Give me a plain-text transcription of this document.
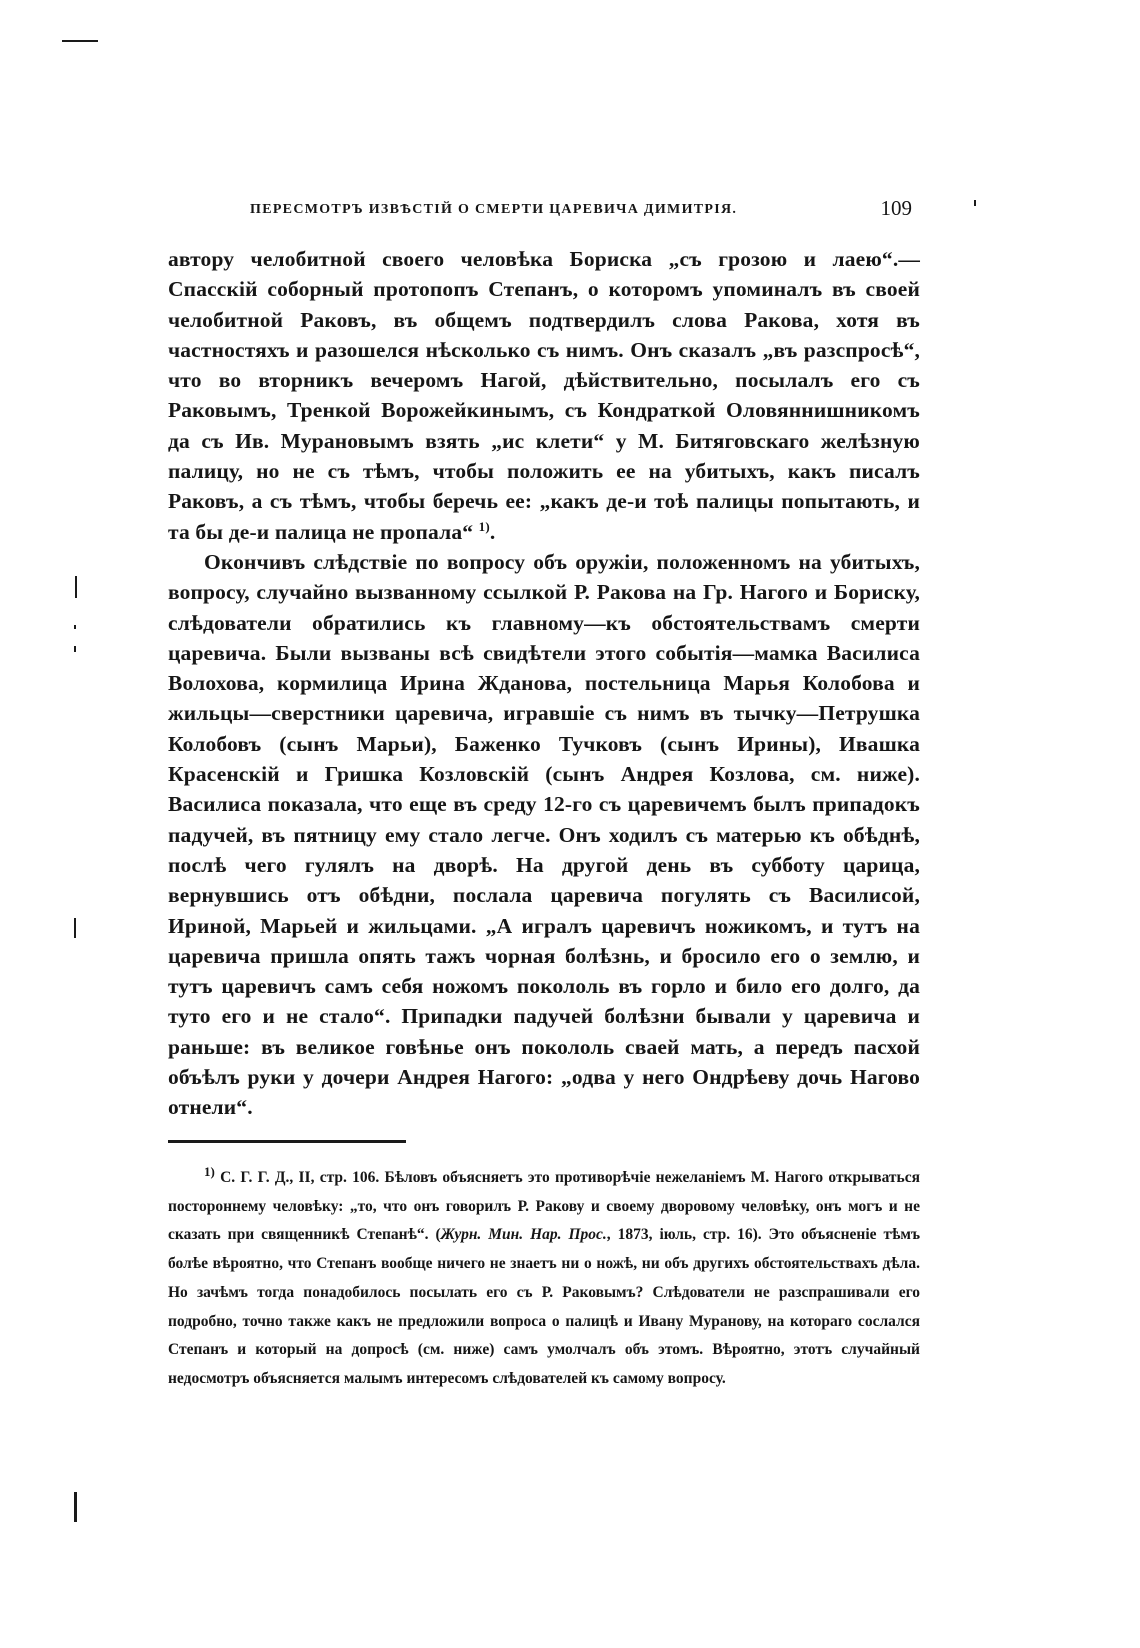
ПЕРЕСМОТРЪ ИЗВѢСТІЙ О СМЕРТИ ЦАРЕВИЧА ДИМИТРІЯ.	109

автору челобитной своего человѣка Бориска „съ грозою и лаею“.— Спасскій соборный протопопъ Степанъ, о которомъ упоминалъ въ своей челобитной Раковъ, въ общемъ подтвердилъ слова Ракова, хотя въ частностяхъ и разошелся нѣсколько съ нимъ. Онъ сказалъ „въ разспросѣ“, что во вторникъ вечеромъ Нагой, дѣйствительно, посылалъ его съ Раковымъ, Тренкой Ворожейкинымъ, съ Кондраткой Оловяннишникомъ да съ Ив. Мурановымъ взять „ис клети“ у М. Битяговскаго желѣзную палицу, но не съ тѣмъ, чтобы положить ее на убитыхъ, какъ писалъ Раковъ, а съ тѣмъ, чтобы беречь ее: „какъ де-и тоѣ палицы попытають, и та бы де-и палица не пропала“ $^{1)}$.

Окончивъ слѣдствіе по вопросу объ оружіи, положенномъ на убитыхъ, вопросу, случайно вызванному ссылкой Р. Ракова на Гр. Нагого и Бориску, слѣдователи обратились къ главному—къ обстоятельствамъ смерти царевича. Были вызваны всѣ свидѣтели этого событія—мамка Василиса Волохова, кормилица Ирина Жданова, постельница Марья Колобова и жильцы—сверстники царевича, игравшіе съ нимъ въ тычку—Петрушка Колобовъ (сынъ Марьи), Баженко Тучковъ (сынъ Ирины), Ивашка Красенскій и Гришка Козловскій (сынъ Андрея Козлова, см. ниже). Василиса показала, что еще въ среду 12-го съ царевичемъ былъ припадокъ падучей, въ пятницу ему стало легче. Онъ ходилъ съ матерью къ обѣднѣ, послѣ чего гулялъ на дворѣ. На другой день въ субботу царица, вернувшись отъ обѣдни, послала царевича погулять съ Василисой, Ириной, Марьей и жильцами. „А игралъ царевичъ ножикомъ, и тутъ на царевича пришла опять тажъ чорная болѣзнь, и бросило его о землю, и тутъ царевичъ самъ себя ножомъ покололь въ горло и било его долго, да туто его и не стало“. Припадки падучей болѣзни бывали у царевича и раньше: въ великое говѣнье онъ покололь сваей мать, а передъ пасхой объѣлъ руки у дочери Андрея Нагого: „одва у него Ондрѣеву дочь Нагово отнели“.

$^{1)}$ С. Г. Г. Д., II, стр. 106. Бѣловъ объясняетъ это противорѣчіе нежеланіемъ М. Нагого открываться постороннему человѣку: „то, что онъ говорилъ Р. Ракову и своему дворовому человѣку, онъ могъ и не сказать при священникѣ Степанѣ“. (Журн. Мин. Нар. Прос., 1873, іюль, стр. 16). Это объясненіе тѣмъ болѣе вѣроятно, что Степанъ вообще ничего не знаетъ ни о ножѣ, ни объ другихъ обстоятельствахъ дѣла. Но зачѣмъ тогда понадобилось посылать его съ Р. Раковымъ? Слѣдователи не разспрашивали его подробно, точно также какъ не предложили вопроса о палицѣ и Ивану Муранову, на котораго сослался Степанъ и который на допросѣ (см. ниже) самъ умолчалъ объ этомъ. Вѣроятно, этотъ случайный недосмотръ объясняется малымъ интересомъ слѣдователей къ самому вопросу.
